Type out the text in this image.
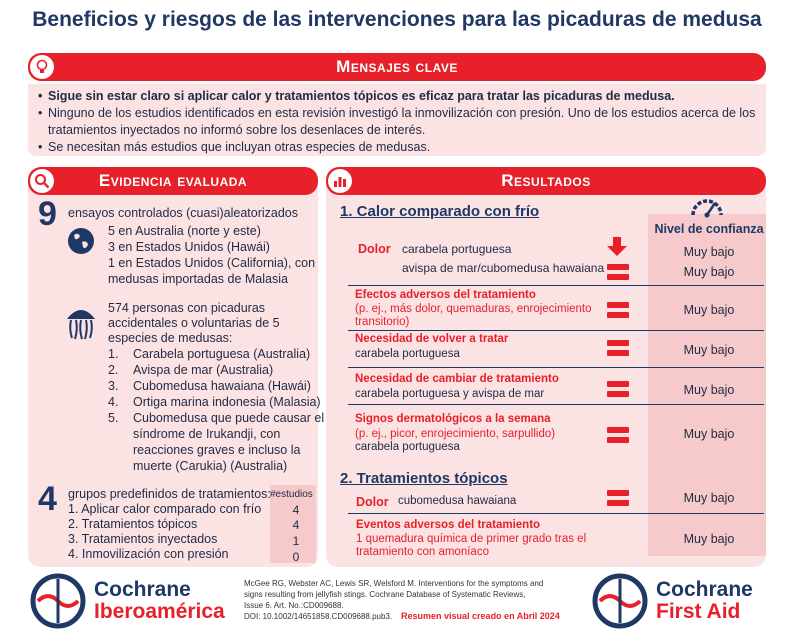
Beneficios y riesgos de las intervenciones para las picaduras de medusa
Mensajes clave
• Sigue sin estar claro si aplicar calor y tratamientos tópicos es eficaz para tratar las picaduras de medusa.
• Ninguno de los estudios identificados en esta revisión investigó la inmovilización con presión. Uno de los estudios acerca de los tratamientos inyectados no informó sobre los desenlaces de interés.
• Se necesitan más estudios que incluyan otras especies de medusas.
Evidencia evaluada
9 ensayos controlados (cuasi)aleatorizados
5 en Australia (norte y este)
3 en Estados Unidos (Hawái)
1 en Estados Unidos (California), con
medusas importadas de Malasia
574 personas con picaduras
accidentales o voluntarias de 5
especies de medusas:
1. Carabela portuguesa (Australia)
2. Avispa de mar (Australia)
3. Cubomedusa hawaiana (Hawái)
4. Ortiga marina indonesia (Malasia)
5. Cubomedusa que puede causar el
síndrome de Irukandji, con
reacciones graves e incluso la
muerte (Carukia) (Australia)
4 grupos predefinidos de tratamientos: #estudios
1. Aplicar calor comparado con frío	4
2. Tratamientos tópicos	4
3. Tratamientos inyectados	1
4. Inmovilización con presión	0
Resultados
Nivel de confianza
1. Calor comparado con frío
Dolor carabela portuguesa	Muy bajo
avispa de mar/cubomedusa hawaiana	Muy bajo
Efectos adversos del tratamiento
(p. ej., más dolor, quemaduras, enrojecimiento
transitorio)
Muy bajo
Necesidad de volver a tratar
carabela portuguesa	Muy bajo
Necesidad de cambiar de tratamiento
carabela portuguesa y avispa de mar	Muy bajo
Signos dermatológicos a la semana
(p. ej., picor, enrojecimiento, sarpullido)
carabela portuguesa
Muy bajo
2. Tratamientos tópicos
Dolor cubomedusa hawaiana	Muy bajo
Eventos adversos del tratamiento
1 quemadura química de primer grado tras el
tratamiento con amoníaco
Muy bajo
Cochrane
Iberoamérica
McGee RG, Webster AC, Lewis SR, Welsford M. Interventions for the symptoms and
signs resulting from jellyfish stings. Cochrane Database of Systematic Reviews,
Issue 6. Art. No.:CD009688.
DOI: 10.1002/14651858.CD009688.pub3. Resumen visual creado en Abril 2024
Cochrane
First Aid
